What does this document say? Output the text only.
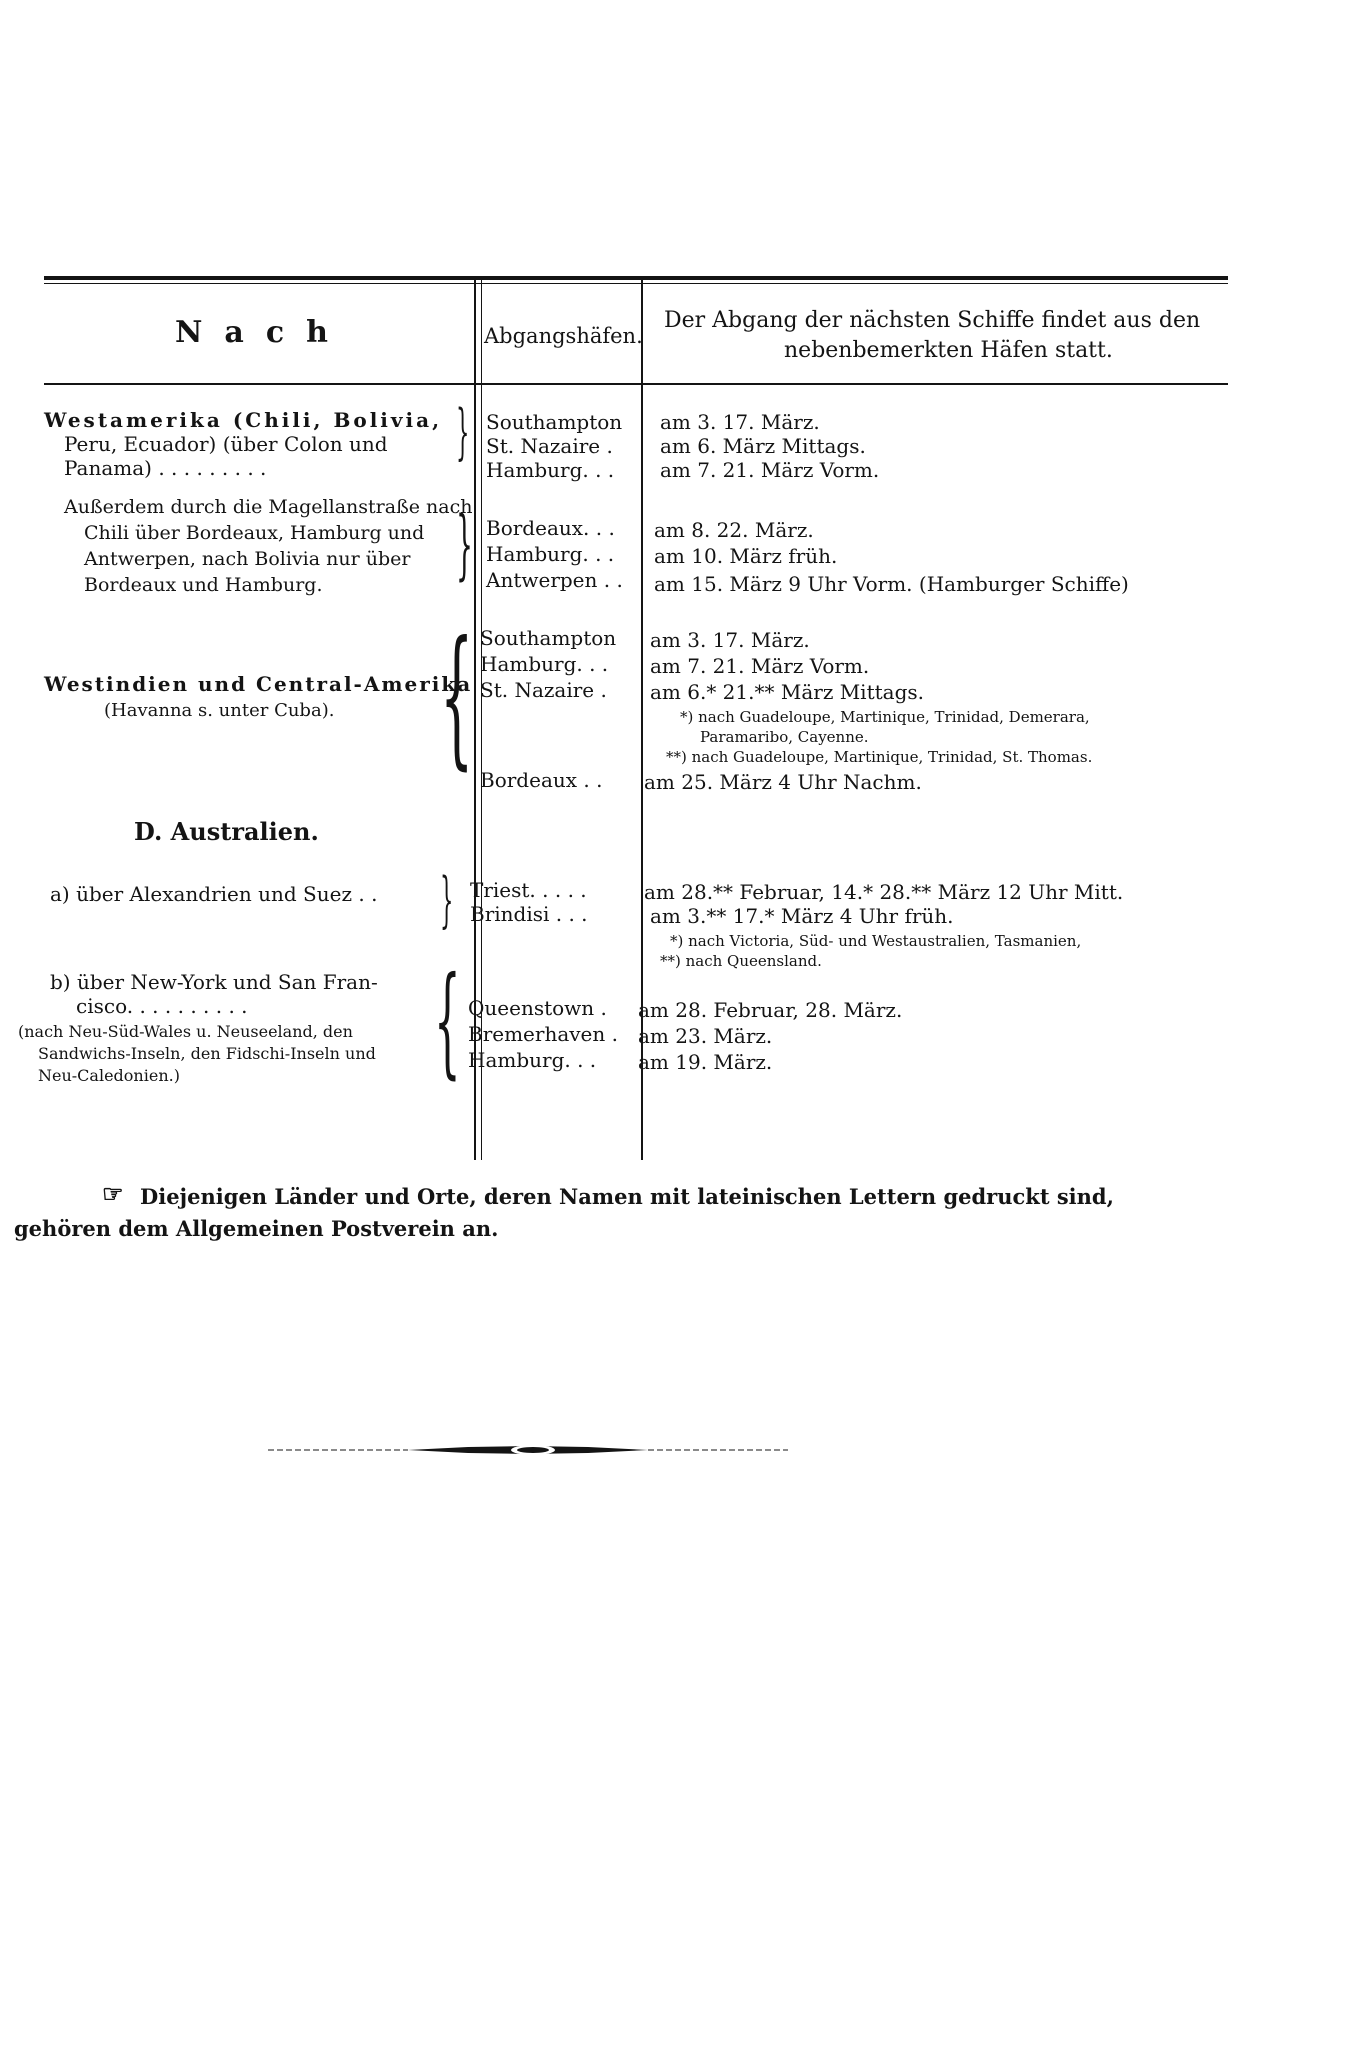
Nach	Abgangshäfen.
Der Abgang der nächsten Schiffe findet aus den
nebenbemerkten Häfen statt.
Westamerika (Chili, Bolivia,
Peru, Ecuador) (über Colon und
Panama) . . . . . . . . .
} Southampton
St. Nazaire .
Hamburg. . .
am 3. 17. März.
am 6. März Mittags.
am 7. 21. März Vorm.
Außerdem durch die Magellanstraße nach
Chili über Bordeaux, Hamburg und
Antwerpen, nach Bolivia nur über
Bordeaux und Hamburg. } Bordeaux. . .
Hamburg. . .
Antwerpen . .
am 8. 22. März.
am 10. März früh.
am 15. März 9 Uhr Vorm. (Hamburger Schiffe)
Westindien und Central-Amerika
(Havanna s. unter Cuba). { Southampton
Hamburg. . .
St. Nazaire .
Bordeaux . .
am 3. 17. März.
am 7. 21. März Vorm.
am 6.* 21.** März Mittags.
*) nach Guadeloupe, Martinique, Trinidad, Demerara,
Paramaribo, Cayenne.
**) nach Guadeloupe, Martinique, Trinidad, St. Thomas.
am 25. März 4 Uhr Nachm.
D. Australien.
a) über Alexandrien und Suez . . } Triest. . . . .
Brindisi . . .
am 28.** Februar, 14.* 28.** März 12 Uhr Mitt.
am 3.** 17.* März 4 Uhr früh.
*) nach Victoria, Süd- und Westaustralien, Tasmanien,
**) nach Queensland.
b) über New-York und San Fran-
cisco. . . . . . . . . .
(nach Neu-Süd-Wales u. Neuseeland, den
Sandwichs-Inseln, den Fidschi-Inseln und
Neu-Caledonien.) { Queenstown .
Bremerhaven .
Hamburg. . .
am 28. Februar, 28. März.
am 23. März.
am 19. März.
☞ Diejenigen Länder und Orte, deren Namen mit lateinischen Lettern gedruckt sind,
gehören dem Allgemeinen Postverein an.
